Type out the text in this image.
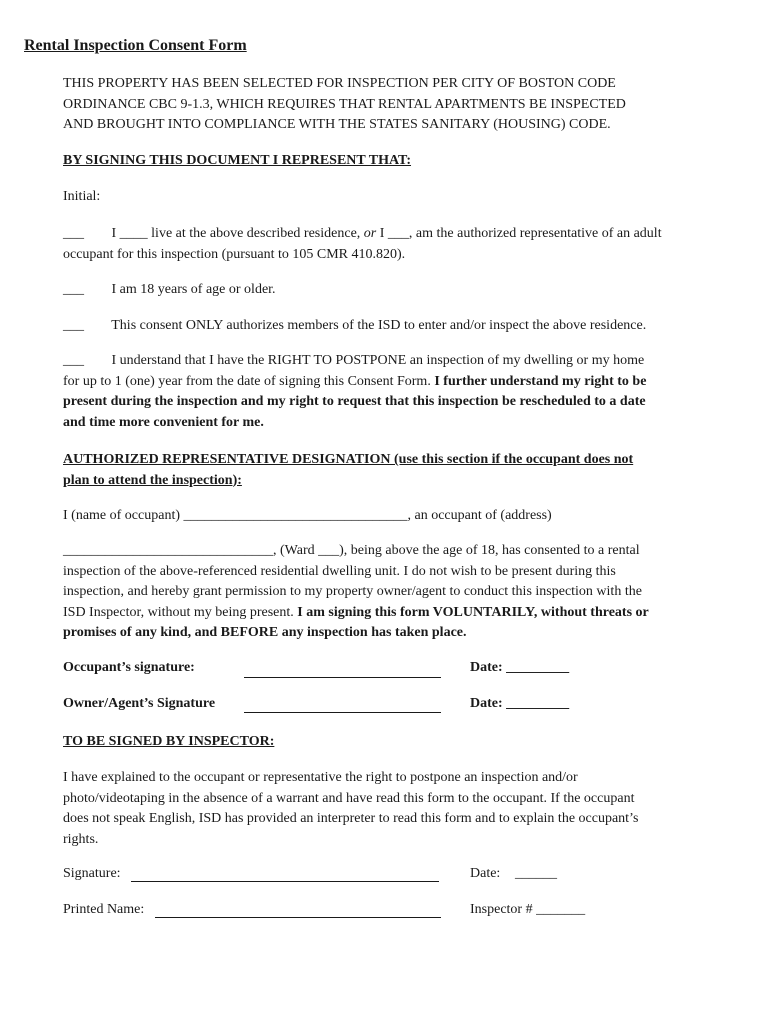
Rental Inspection Consent Form
THIS PROPERTY HAS BEEN SELECTED FOR INSPECTION PER CITY OF BOSTON CODE
ORDINANCE CBC 9-1.3, WHICH REQUIRES THAT RENTAL APARTMENTS BE INSPECTED
AND BROUGHT INTO COMPLIANCE WITH THE STATES SANITARY (HOUSING) CODE.
BY SIGNING THIS DOCUMENT I REPRESENT THAT:
Initial:
___ I ____ live at the above described residence, or I ___, am the authorized representative of an adult
occupant for this inspection (pursuant to 105 CMR 410.820).
___ I am 18 years of age or older.
___ This consent ONLY authorizes members of the ISD to enter and/or inspect the above residence.
___ I understand that I have the RIGHT TO POSTPONE an inspection of my dwelling or my home
for up to 1 (one) year from the date of signing this Consent Form. I further understand my right to be
present during the inspection and my right to request that this inspection be rescheduled to a date
and time more convenient for me.
AUTHORIZED REPRESENTATIVE DESIGNATION (use this section if the occupant does not
plan to attend the inspection):
I (name of occupant) ________________________________, an occupant of (address)
______________________________, (Ward ___), being above the age of 18, has consented to a rental
inspection of the above-referenced residential dwelling unit. I do not wish to be present during this
inspection, and hereby grant permission to my property owner/agent to conduct this inspection with the
ISD Inspector, without my being present. I am signing this form VOLUNTARILY, without threats or
promises of any kind, and BEFORE any inspection has taken place.
Occupant’s signature:	Date: _________
Owner/Agent’s Signature	Date: _________
TO BE SIGNED BY INSPECTOR:
I have explained to the occupant or representative the right to postpone an inspection and/or
photo/videotaping in the absence of a warrant and have read this form to the occupant. If the occupant
does not speak English, ISD has provided an interpreter to read this form and to explain the occupant’s
rights.
Signature:	Date: ______
Printed Name:	Inspector # _______
